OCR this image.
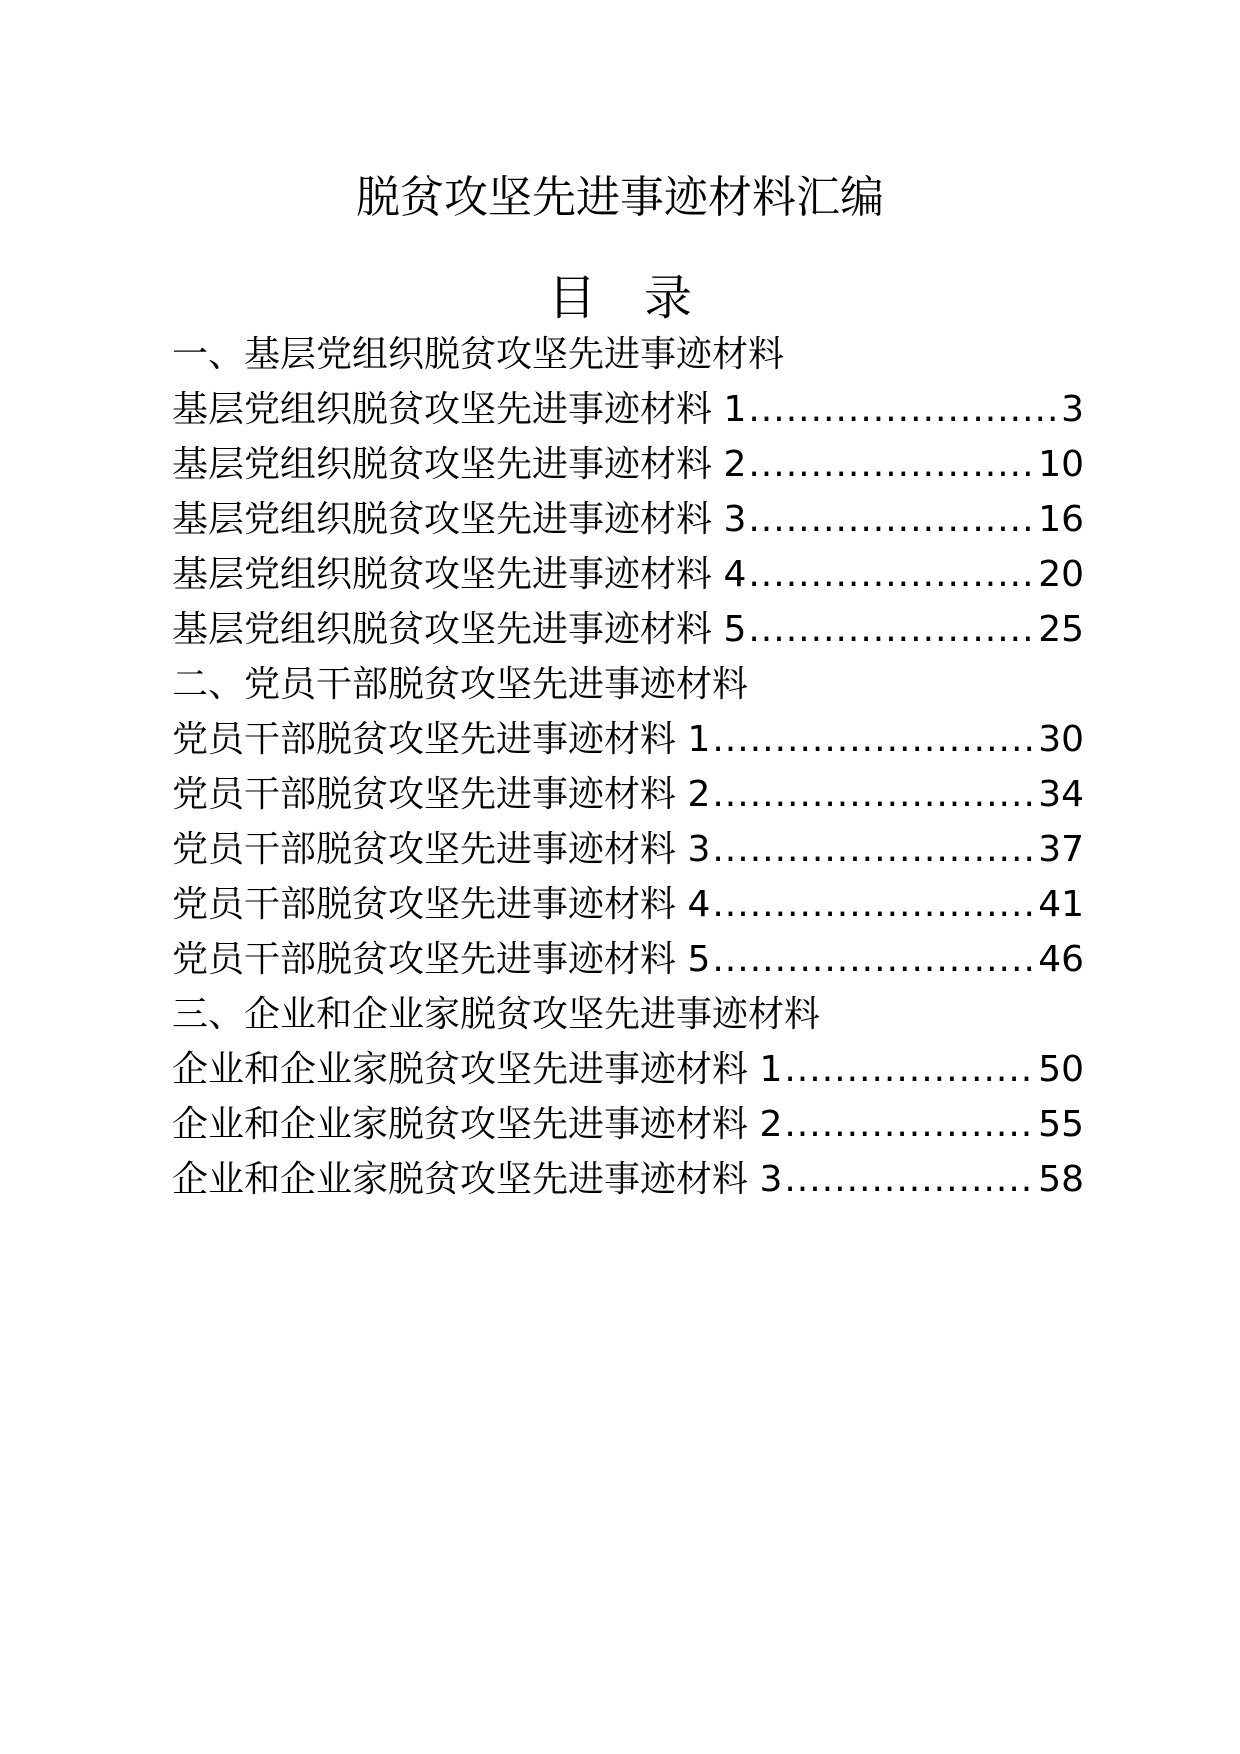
脱贫攻坚先进事迹材料汇编
目　录
一、基层党组织脱贫攻坚先进事迹材料
基层党组织脱贫攻坚先进事迹材料 1 .....	3
基层党组织脱贫攻坚先进事迹材料 2 .....	10
基层党组织脱贫攻坚先进事迹材料 3 .....	16
基层党组织脱贫攻坚先进事迹材料 4 .....	20
基层党组织脱贫攻坚先进事迹材料 5 .....	25
二、党员干部脱贫攻坚先进事迹材料
党员干部脱贫攻坚先进事迹材料 1 .....	30
党员干部脱贫攻坚先进事迹材料 2 .....	34
党员干部脱贫攻坚先进事迹材料 3 .....	37
党员干部脱贫攻坚先进事迹材料 4 .....	41
党员干部脱贫攻坚先进事迹材料 5 .....	46
三、企业和企业家脱贫攻坚先进事迹材料
企业和企业家脱贫攻坚先进事迹材料 1 .....	50
企业和企业家脱贫攻坚先进事迹材料 2 .....	55
企业和企业家脱贫攻坚先进事迹材料 3 .....	58
